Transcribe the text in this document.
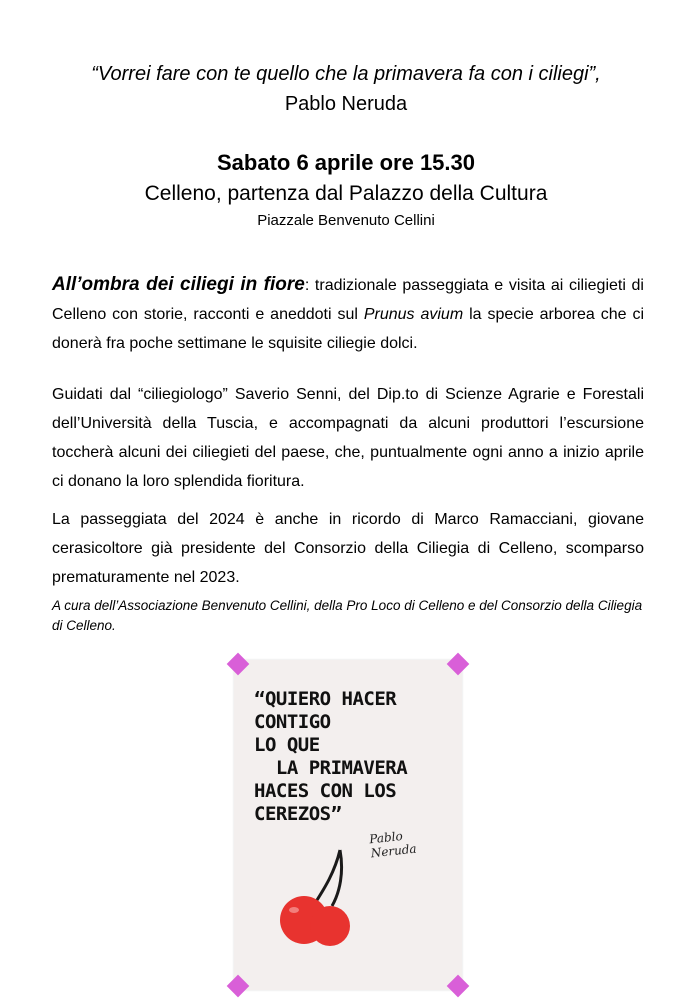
“Vorrei fare con te quello che la primavera fa con i ciliegi”,
Pablo Neruda
Sabato 6 aprile ore 15.30
Celleno, partenza dal Palazzo della Cultura
Piazzale Benvenuto Cellini
All’ombra dei ciliegi in fiore: tradizionale passeggiata e visita ai ciliegieti di Celleno con storie, racconti e aneddoti sul Prunus avium la specie arborea che ci donerà fra poche settimane le squisite ciliegie dolci.
Guidati dal “ciliegiologo” Saverio Senni, del Dip.to di Scienze Agrarie e Forestali dell’Università della Tuscia, e accompagnati da alcuni produttori l’escursione toccherà alcuni dei ciliegieti del paese, che, puntualmente ogni anno a inizio aprile ci donano la loro splendida fioritura.
La passeggiata del 2024 è anche in ricordo di Marco Ramacciani, giovane cerasicoltore già presidente del Consorzio della Ciliegia di Celleno, scomparso prematuramente nel 2023.
A cura dell’Associazione Benvenuto Cellini, della Pro Loco di Celleno e del Consorzio della Ciliegia di Celleno.
“QUIERO HACER
CONTIGO
LO QUE
LA PRIMAVERA
HACES CON LOS
CEREZOS”
Pablo
Neruda
